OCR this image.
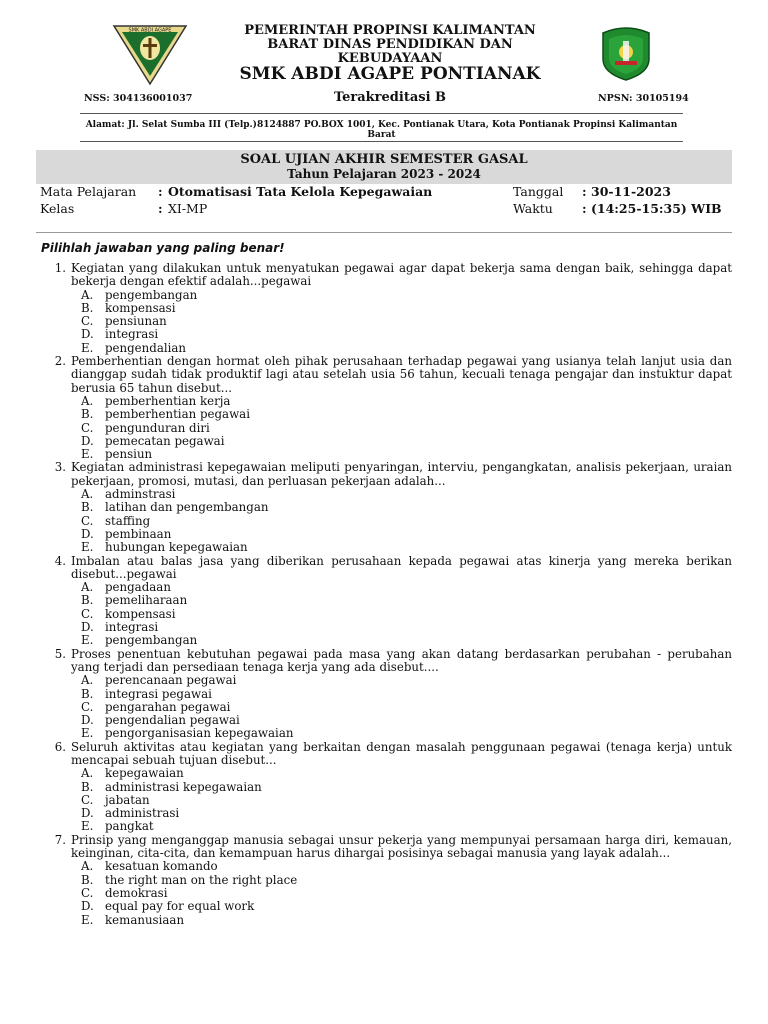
SMK ABDI AGAPE	PEMERINTAH PROPINSI KALIMANTAN
BARAT DINAS PENDIDIKAN DAN
KEBUDAYAAN
SMK ABDI AGAPE PONTIANAK
NSS: 304136001037	Terakreditasi B	NPSN: 30105194
Alamat: Jl. Selat Sumba III (Telp.)8124887 PO.BOX 1001, Kec. Pontianak Utara, Kota Pontianak Propinsi Kalimantan Barat
SOAL UJIAN AKHIR SEMESTER GASAL
Tahun Pelajaran 2023 - 2024
Mata Pelajaran : Otomatisasi Tata Kelola Kepegawaian	Tanggal : 30-11-2023
Kelas	: XI-MP	Waktu : (14:25-15:35) WIB
Pilihlah jawaban yang paling benar!
1. Kegiatan yang dilakukan untuk menyatukan pegawai agar dapat bekerja sama dengan baik, sehingga dapat bekerja dengan efektif adalah...pegawai
A. pengembangan
B. kompensasi
C. pensiunan
D. integrasi
E. pengendalian
2. Pemberhentian dengan hormat oleh pihak perusahaan terhadap pegawai yang usianya telah lanjut usia dan dianggap sudah tidak produktif lagi atau setelah usia 56 tahun, kecuali tenaga pengajar dan instuktur dapat berusia 65 tahun disebut...
A. pemberhentian kerja
B. pemberhentian pegawai
C. pengunduran diri
D. pemecatan pegawai
E. pensiun
3. Kegiatan administrasi kepegawaian meliputi penyaringan, interviu, pengangkatan, analisis pekerjaan, uraian pekerjaan, promosi, mutasi, dan perluasan pekerjaan adalah...
A. adminstrasi
B. latihan dan pengembangan
C. staffing
D. pembinaan
E. hubungan kepegawaian
4. Imbalan atau balas jasa yang diberikan perusahaan kepada pegawai atas kinerja yang mereka berikan disebut...pegawai
A. pengadaan
B. pemeliharaan
C. kompensasi
D. integrasi
E. pengembangan
5. Proses penentuan kebutuhan pegawai pada masa yang akan datang berdasarkan perubahan - perubahan yang terjadi dan persediaan tenaga kerja yang ada disebut....
A. perencanaan pegawai
B. integrasi pegawai
C. pengarahan pegawai
D. pengendalian pegawai
E. pengorganisasian kepegawaian
6. Seluruh aktivitas atau kegiatan yang berkaitan dengan masalah penggunaan pegawai (tenaga kerja) untuk mencapai sebuah tujuan disebut...
A. kepegawaian
B. administrasi kepegawaian
C. jabatan
D. administrasi
E. pangkat
7. Prinsip yang menganggap manusia sebagai unsur pekerja yang mempunyai persamaan harga diri, kemauan, keinginan, cita-cita, dan kemampuan harus dihargai posisinya sebagai manusia yang layak adalah...
A. kesatuan komando
B. the right man on the right place
C. demokrasi
D. equal pay for equal work
E. kemanusiaan
